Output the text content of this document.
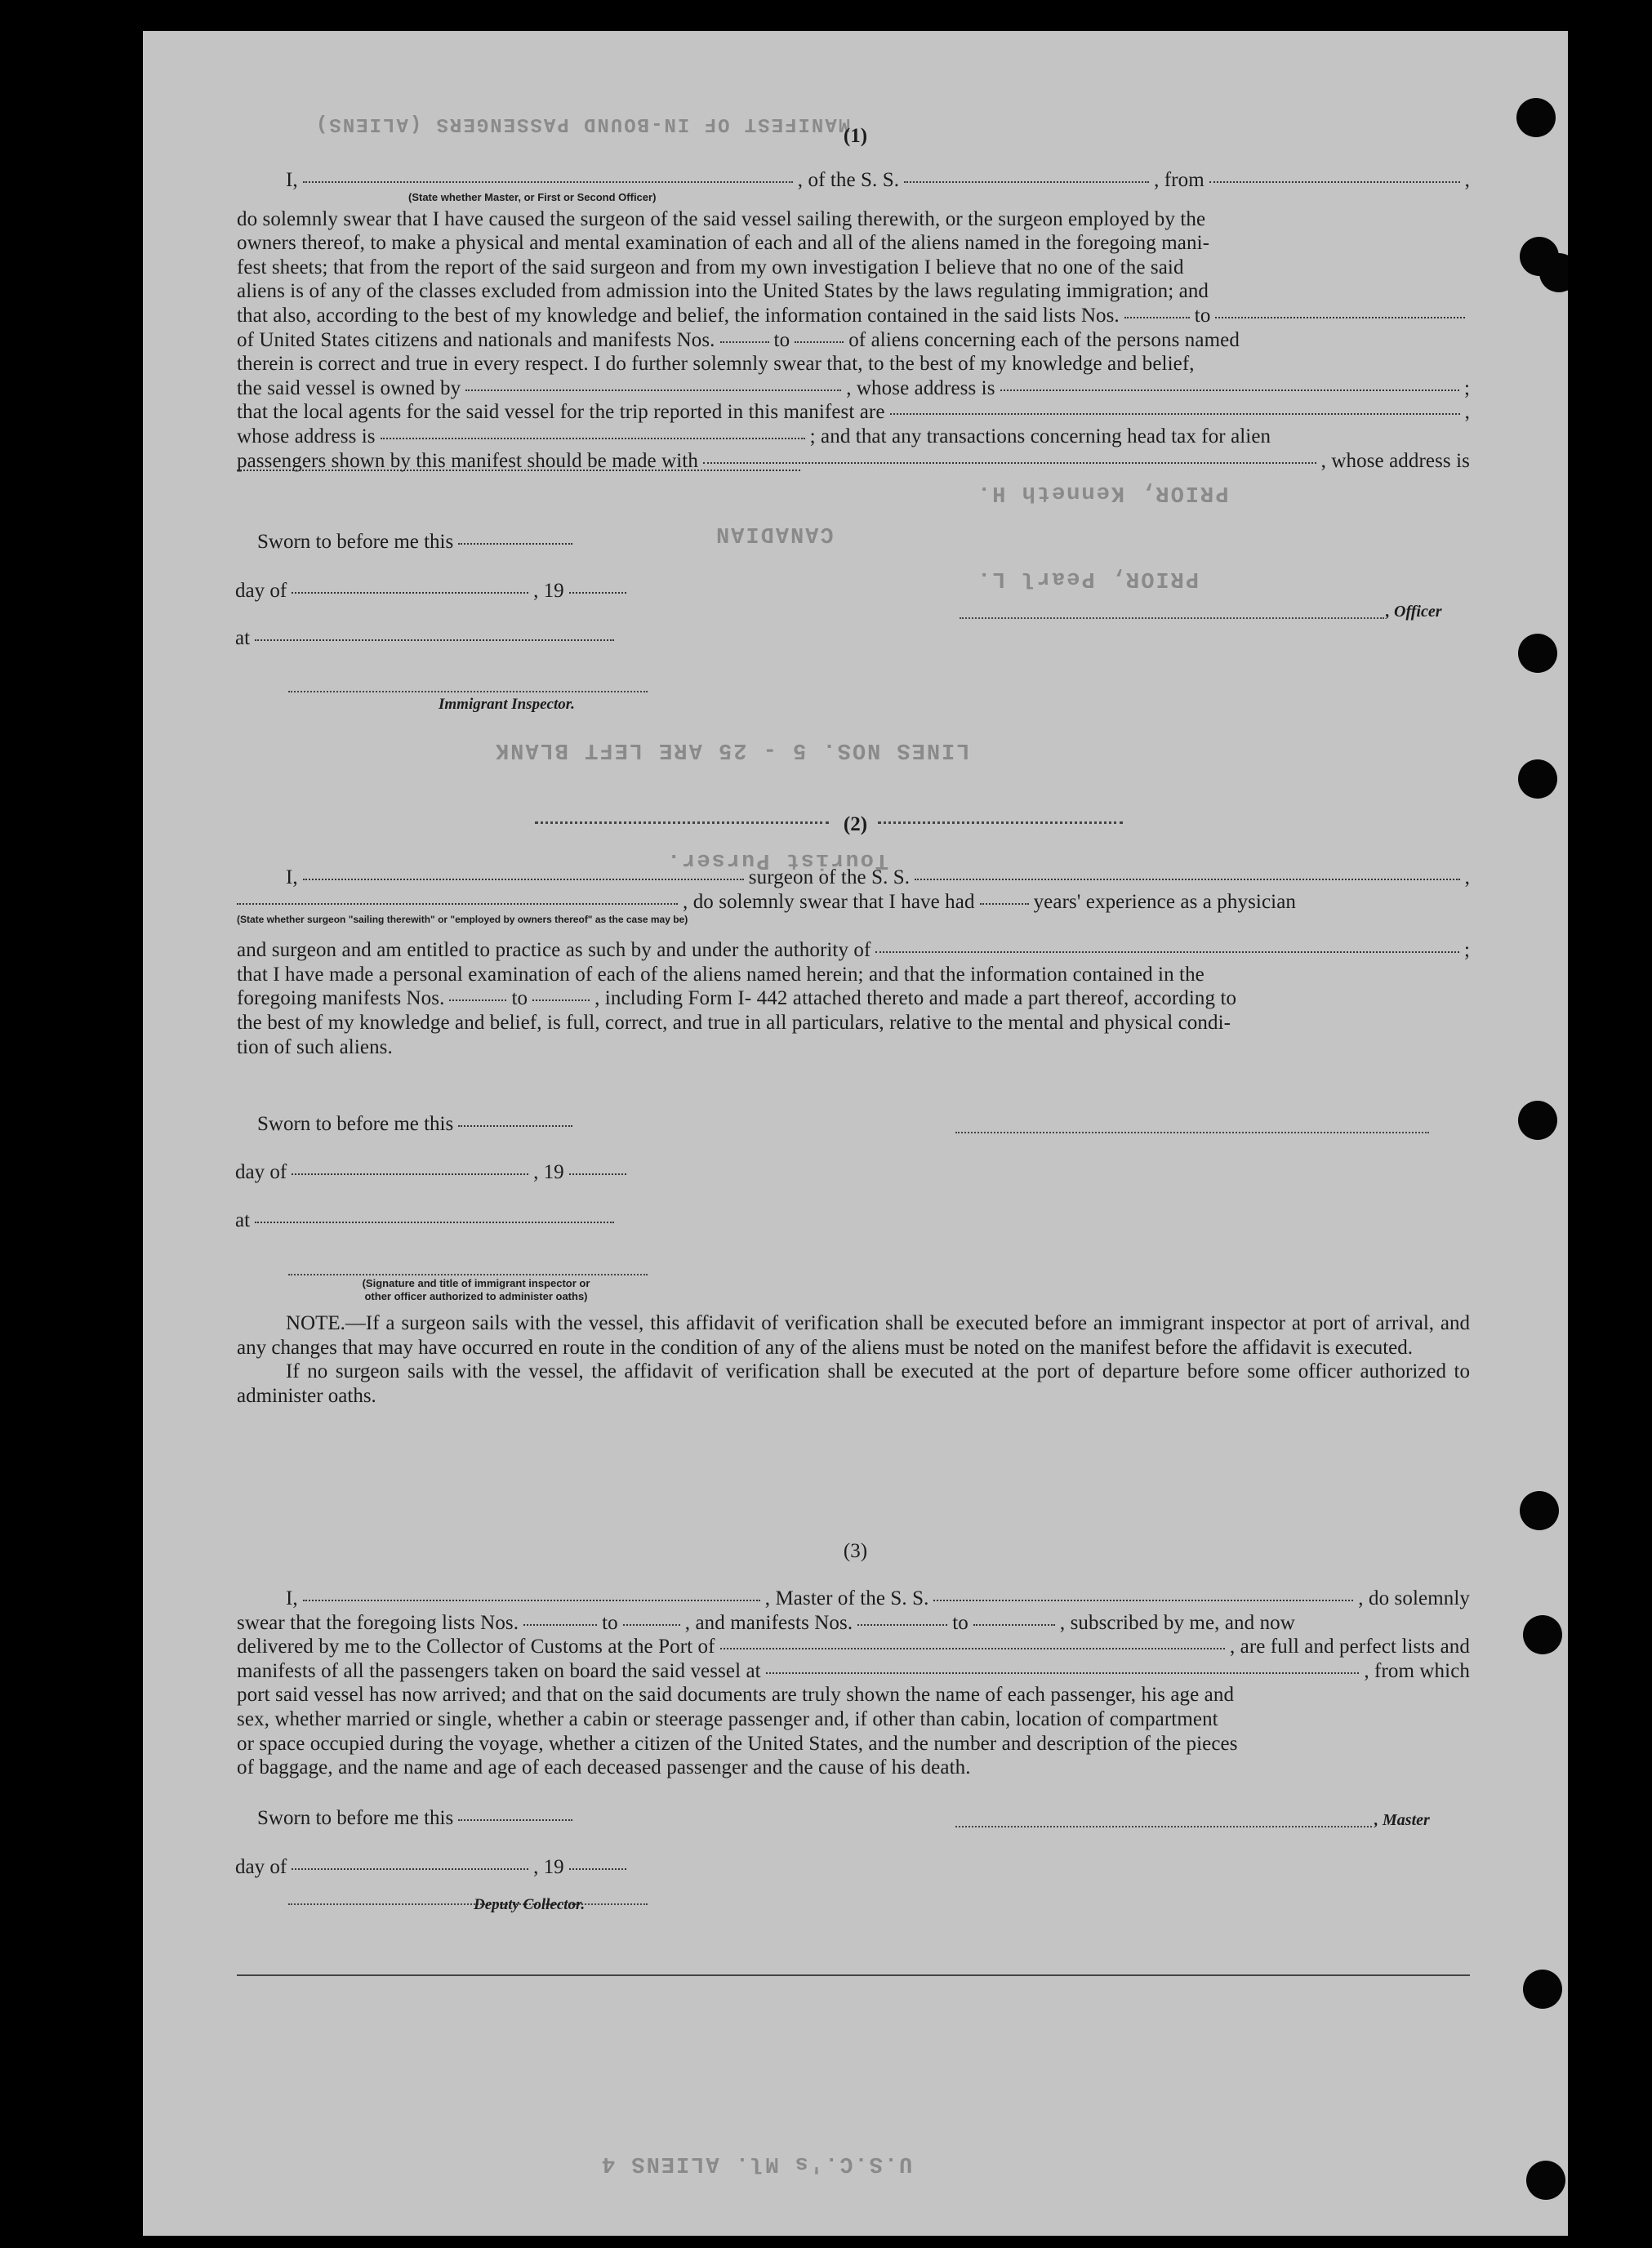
MANIFEST OF IN-BOUND PASSENGERS (ALIENS)
PRIOR, Kenneth H.
PRIOR, Pearl L.
CANADIAN
LINES NOS. 5 - 25 ARE LEFT BLANK
Tourist Purser.
U.S.C.'s Ml. ALIENS 4
(1)
I,	, of the S. S.	, from	,
(State whether Master, or First or Second Officer)

do solemnly swear that I have caused the surgeon of the said vessel sailing therewith, or the surgeon employed by the

owners thereof, to make a physical and mental examination of each and all of the aliens named in the foregoing mani-

fest sheets; that from the report of the said surgeon and from my own investigation I believe that no one of the said

aliens is of any of the classes excluded from admission into the United States by the laws regulating immigration; and

that also, according to the best of my knowledge and belief, the information contained in the said lists Nos.	to
of United States citizens and nationals and manifests Nos.	to	of aliens concerning each of the persons named

therein is correct and true in every respect. I do further solemnly swear that, to the best of my knowledge and belief,

the said vessel is owned by	, whose address is	;
that the local agents for the said vessel for the trip reported in this manifest are	,
whose address is	; and that any transactions concerning head tax for alien
passengers shown by this manifest should be made with	, whose address is
Sworn to before me this
day of	, 19
at
, Officer
Immigrant Inspector.
(2)
I,	surgeon of the S. S.	,
, do solemnly swear that I have had	years' experience as a physician
(State whether surgeon "sailing therewith" or "employed by owners thereof" as the case may be)
and surgeon and am entitled to practice as such by and under the authority of	;

that I have made a personal examination of each of the aliens named herein; and that the information contained in the

foregoing manifests Nos.	to	, including Form I- 442 attached thereto and made a part thereof, according to

the best of my knowledge and belief, is full, correct, and true in all particulars, relative to the mental and physical condi-

tion of such aliens.

Sworn to before me this
day of	, 19
at
(Signature and title of immigrant inspector or
other officer authorized to administer oaths)
NOTE.—If a surgeon sails with the vessel, this affidavit of verification shall be executed before an immigrant inspector at port of arrival, and any changes that may have occurred en route in the condition of any of the aliens must be noted on the manifest before the affidavit is executed.
If no surgeon sails with the vessel, the affidavit of verification shall be executed at the port of departure before some officer authorized to administer oaths.
(3)
I,	, Master of the S. S.	, do solemnly
swear that the foregoing lists Nos.	to	, and manifests Nos.	to	, subscribed by me, and now
delivered by me to the Collector of Customs at the Port of	, are full and perfect lists and
manifests of all the passengers taken on board the said vessel at	, from which

port said vessel has now arrived; and that on the said documents are truly shown the name of each passenger, his age and

sex, whether married or single, whether a cabin or steerage passenger and, if other than cabin, location of compartment

or space occupied during the voyage, whether a citizen of the United States, and the number and description of the pieces

of baggage, and the name and age of each deceased passenger and the cause of his death.

Sworn to before me this	, Master
day of	, 19
Deputy Collector.
